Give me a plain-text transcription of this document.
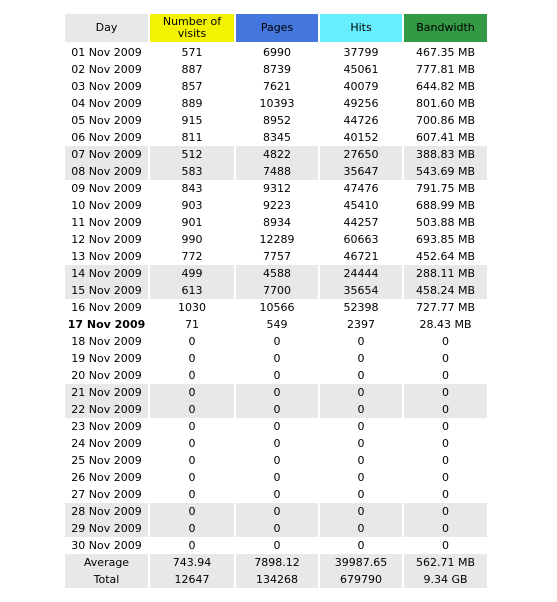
Day	Number of visits	Pages	Hits	Bandwidth
01 Nov 2009	571	6990	37799	467.35 MB
02 Nov 2009	887	8739	45061	777.81 MB
03 Nov 2009	857	7621	40079	644.82 MB
04 Nov 2009	889	10393	49256	801.60 MB
05 Nov 2009	915	8952	44726	700.86 MB
06 Nov 2009	811	8345	40152	607.41 MB
07 Nov 2009	512	4822	27650	388.83 MB
08 Nov 2009	583	7488	35647	543.69 MB
09 Nov 2009	843	9312	47476	791.75 MB
10 Nov 2009	903	9223	45410	688.99 MB
11 Nov 2009	901	8934	44257	503.88 MB
12 Nov 2009	990	12289	60663	693.85 MB
13 Nov 2009	772	7757	46721	452.64 MB
14 Nov 2009	499	4588	24444	288.11 MB
15 Nov 2009	613	7700	35654	458.24 MB
16 Nov 2009	1030	10566	52398	727.77 MB
17 Nov 2009	71	549	2397	28.43 MB
18 Nov 2009	0	0	0	0
19 Nov 2009	0	0	0	0
20 Nov 2009	0	0	0	0
21 Nov 2009	0	0	0	0
22 Nov 2009	0	0	0	0
23 Nov 2009	0	0	0	0
24 Nov 2009	0	0	0	0
25 Nov 2009	0	0	0	0
26 Nov 2009	0	0	0	0
27 Nov 2009	0	0	0	0
28 Nov 2009	0	0	0	0
29 Nov 2009	0	0	0	0
30 Nov 2009	0	0	0	0
Average	743.94	7898.12	39987.65	562.71 MB
Total	12647	134268	679790	9.34 GB
